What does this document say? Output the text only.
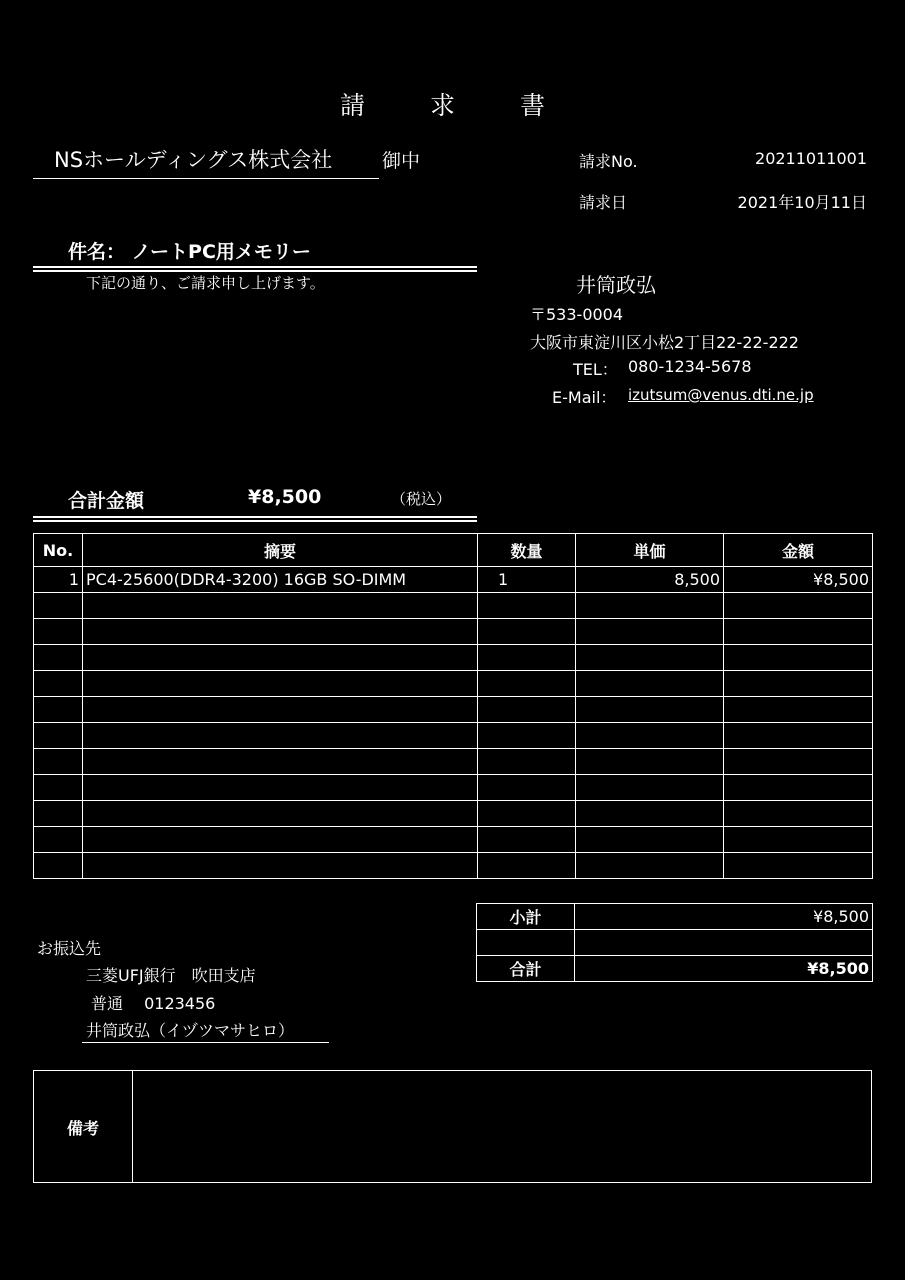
請　求　書
NSホールディングス株式会社	御中	請求No.	20211011001
請求日	2021年10月11日
件名： ノートPC用メモリー
下記の通り、ご請求申し上げます。	井筒政弘
〒533-0004
大阪市東淀川区小松2丁目22-22-222
TEL： 080-1234-5678
E-Mail： izutsum@venus.dti.ne.jp
合計金額	¥8,500	（税込）
No.	摘要	数量	単価	金額
1	PC4-25600(DDR4-3200) 16GB SO-DIMM	1	8,500	¥8,500

小計	¥8,500

合計	¥8,500
お振込先
三菱UFJ銀行　吹田支店
普通　 0123456
井筒政弘（イヅツマサヒロ）
備考
